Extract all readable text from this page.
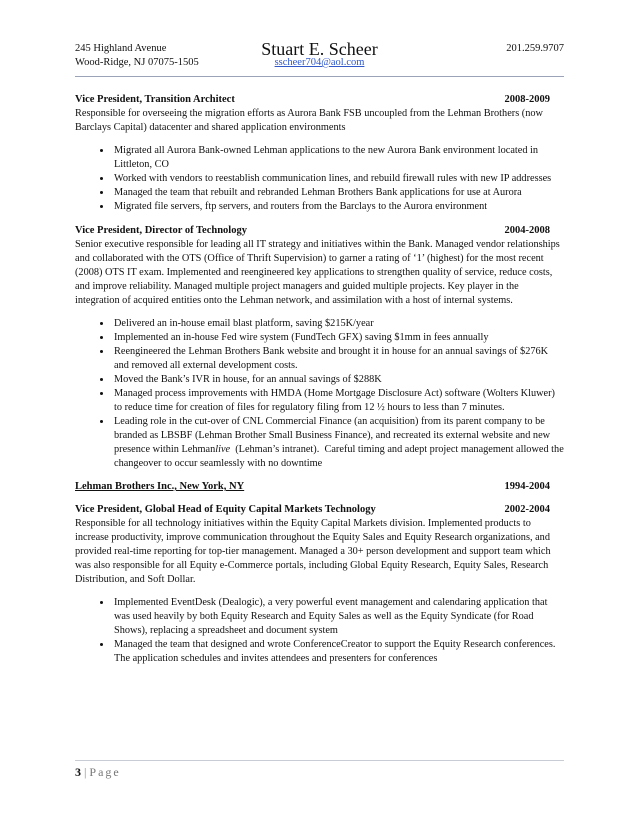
245 Highland Avenue
Wood-Ridge, NJ 07075-1505
Stuart E. Scheer
sscheer704@aol.com
201.259.9707
Vice President, Transition Architect	2008-2009

Responsible for overseeing the migration efforts as Aurora Bank FSB uncoupled from the Lehman Brothers (now Barclays Capital) datacenter and shared application environments

• Migrated all Aurora Bank-owned Lehman applications to the new Aurora Bank environment located in Littleton, CO
• Worked with vendors to reestablish communication lines, and rebuild firewall rules with new IP addresses
• Managed the team that rebuilt and rebranded Lehman Brothers Bank applications for use at Aurora
• Migrated file servers, ftp servers, and routers from the Barclays to the Aurora environment
Vice President, Director of Technology	2004-2008

Senior executive responsible for leading all IT strategy and initiatives within the Bank. Managed vendor relationships and collaborated with the OTS (Office of Thrift Supervision) to garner a rating of ‘1’ (highest) for the most recent (2008) OTS IT exam. Implemented and reengineered key applications to strengthen quality of service, reduce costs, and improve reliability. Managed multiple project managers and guided multiple projects. Key player in the integration of acquired entities onto the Lehman network, and assimilation with a host of internal systems.

• Delivered an in-house email blast platform, saving $215K/year
• Implemented an in-house Fed wire system (FundTech GFX) saving $1mm in fees annually
• Reengineered the Lehman Brothers Bank website and brought it in house for an annual savings of $276K and removed all external development costs.
• Moved the Bank’s IVR in house, for an annual savings of $288K
• Managed process improvements with HMDA (Home Mortgage Disclosure Act) software (Wolters Kluwer) to reduce time for creation of files for regulatory filing from 12 ½ hours to less than 7 minutes.
• Leading role in the cut-over of CNL Commercial Finance (an acquisition) from its parent company to be branded as LBSBF (Lehman Brother Small Business Finance), and recreated its external website and new presence within Lehmanlive  (Lehman’s intranet).  Careful timing and adept project management allowed the changeover to occur seamlessly with no downtime
Lehman Brothers Inc., New York, NY	1994-2004
Vice President, Global Head of Equity Capital Markets Technology	2002-2004

Responsible for all technology initiatives within the Equity Capital Markets division. Implemented products to increase productivity, improve communication throughout the Equity Sales and Equity Research organizations, and provided real-time reporting for top-tier management. Managed a 30+ person development and support team which was also responsible for all Equity e-Commerce portals, including Global Equity Research, Equity Sales, Research Distribution, and Soft Dollar.

• Implemented EventDesk (Dealogic), a very powerful event management and calendaring application that was used heavily by both Equity Research and Equity Sales as well as the Equity Syndicate (for Road Shows), replacing a spreadsheet and document system
• Managed the team that designed and wrote ConferenceCreator to support the Equity Research conferences. The application schedules and invites attendees and presenters for conferences
3 | Page
